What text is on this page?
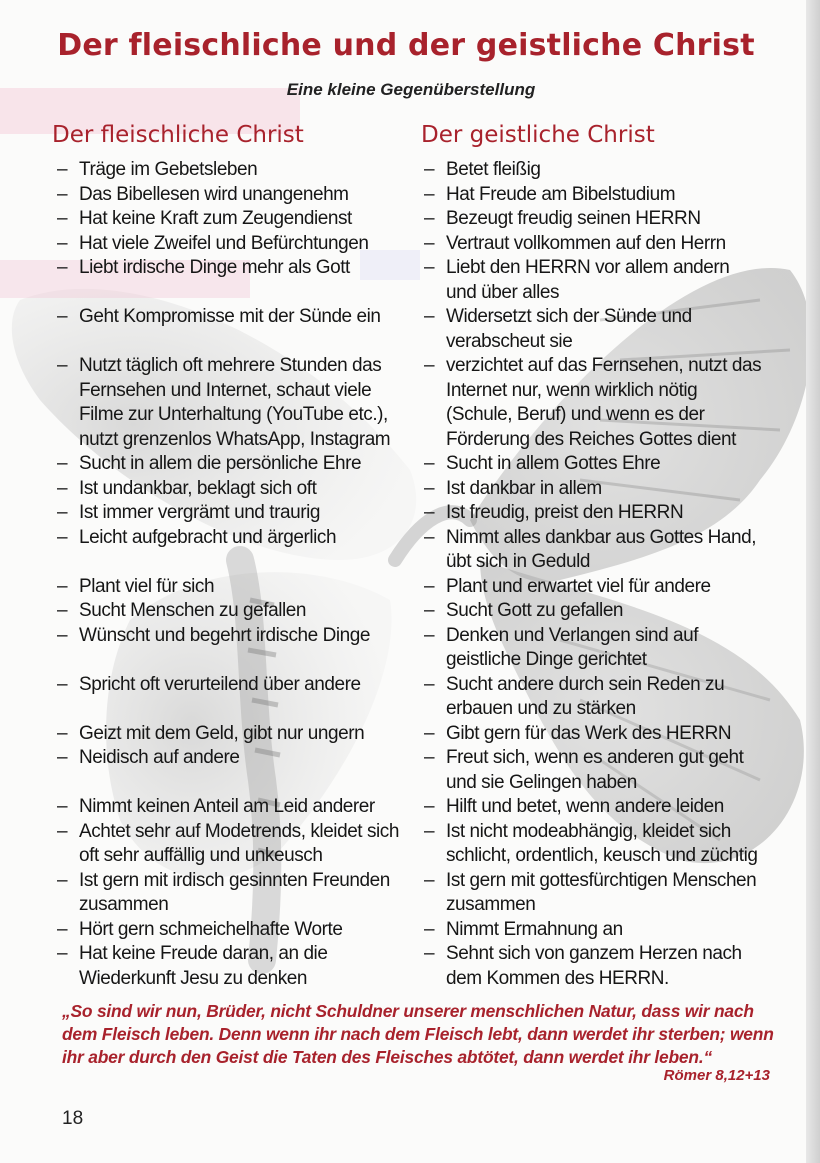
Der fleischliche und der geistliche Christ
Eine kleine Gegenüberstellung
Der fleischliche Christ	Der geistliche Christ
– Träge im Gebetsleben
– Das Bibellesen wird unangenehm
– Hat keine Kraft zum Zeugendienst
– Hat viele Zweifel und Befürchtungen
– Liebt irdische Dinge mehr als Gott
– Geht Kompromisse mit der Sünde ein
– Nutzt täglich oft mehrere Stunden das Fernsehen und Internet, schaut viele Filme zur Unterhaltung (YouTube etc.), nutzt grenzenlos WhatsApp, Instagram
– Sucht in allem die persönliche Ehre
– Ist undankbar, beklagt sich oft
– Ist immer vergrämt und traurig
– Leicht aufgebracht und ärgerlich
– Plant viel für sich
– Sucht Menschen zu gefallen
– Wünscht und begehrt irdische Dinge
– Spricht oft verurteilend über andere
– Geizt mit dem Geld, gibt nur ungern
– Neidisch auf andere
– Nimmt keinen Anteil am Leid anderer
– Achtet sehr auf Modetrends, kleidet sich oft sehr auffällig und unkeusch
– Ist gern mit irdisch gesinnten Freunden zusammen
– Hört gern schmeichelhafte Worte
– Hat keine Freude daran, an die Wiederkunft Jesu zu denken
– Betet fleißig
– Hat Freude am Bibelstudium
– Bezeugt freudig seinen HERRN
– Vertraut vollkommen auf den Herrn
– Liebt den HERRN vor allem andern und über alles
– Widersetzt sich der Sünde und verabscheut sie
– verzichtet auf das Fernsehen, nutzt das Internet nur, wenn wirklich nötig (Schule, Beruf) und wenn es der Förderung des Reiches Gottes dient
– Sucht in allem Gottes Ehre
– Ist dankbar in allem
– Ist freudig, preist den HERRN
– Nimmt alles dankbar aus Gottes Hand, übt sich in Geduld
– Plant und erwartet viel für andere
– Sucht Gott zu gefallen
– Denken und Verlangen sind auf geistliche Dinge gerichtet
– Sucht andere durch sein Reden zu erbauen und zu stärken
– Gibt gern für das Werk des HERRN
– Freut sich, wenn es anderen gut geht und sie Gelingen haben
– Hilft und betet, wenn andere leiden
– Ist nicht modeabhängig, kleidet sich schlicht, ordentlich, keusch und züchtig
– Ist gern mit gottesfürchtigen Menschen zusammen
– Nimmt Ermahnung an
– Sehnt sich von ganzem Herzen nach dem Kommen des HERRN.
„So sind wir nun, Brüder, nicht Schuldner unserer menschlichen Natur, dass wir nach dem Fleisch leben. Denn wenn ihr nach dem Fleisch lebt, dann werdet ihr sterben; wenn ihr aber durch den Geist die Taten des Fleisches abtötet, dann werdet ihr leben.“
Römer 8,12+13
18
